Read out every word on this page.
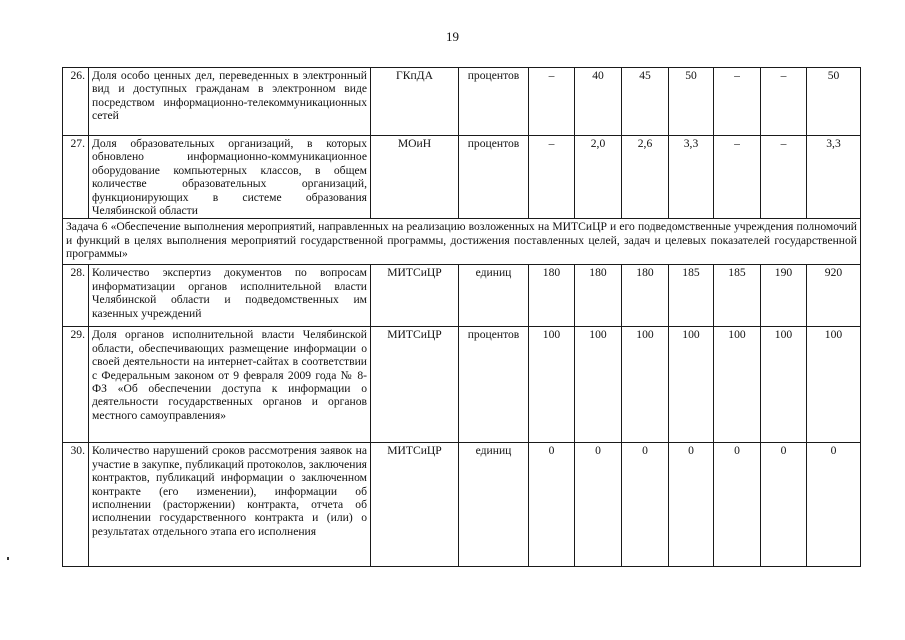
19
26.	Доля особо ценных дел, переведенных в электронный вид и доступных гражданам в электронном виде посредством информационно-телекоммуникационных сетей	ГКпДА	процентов	–	40	45	50	–	–	50
27.	Доля образовательных организаций, в которых обновлено информационно-коммуникационное оборудование компьютерных классов, в общем количестве образовательных организаций, функционирующих в системе образования Челябинской области	МОиН	процентов	–	2,0	2,6	3,3	–	–	3,3
Задача 6 «Обеспечение выполнения мероприятий, направленных на реализацию возложенных на МИТСиЦР и его подведомственные учреждения полномочий и функций в целях выполнения мероприятий государственной программы, достижения поставленных целей, задач и целевых показателей государственной программы»										
28.	Количество экспертиз документов по вопросам информатизации органов исполнительной власти Челябинской области и подведомственных им казенных учреждений	МИТСиЦР	единиц	180	180	180	185	185	190	920
29.	Доля органов исполнительной власти Челябинской области, обеспечивающих размещение информации о своей деятельности на интернет-сайтах в соответствии с Федеральным законом от 9 февраля 2009 года № 8-ФЗ «Об обеспечении доступа к информации о деятельности государственных органов и органов местного самоуправления»	МИТСиЦР	процентов	100	100	100	100	100	100	100
30.	Количество нарушений сроков рассмотрения заявок на участие в закупке, публикаций протоколов, заключения контрактов, публикаций информации о заключенном контракте (его изменении), информации об исполнении (расторжении) контракта, отчета об исполнении государственного контракта и (или) о результатах отдельного этапа его исполнения	МИТСиЦР	единиц	0	0	0	0	0	0	0
